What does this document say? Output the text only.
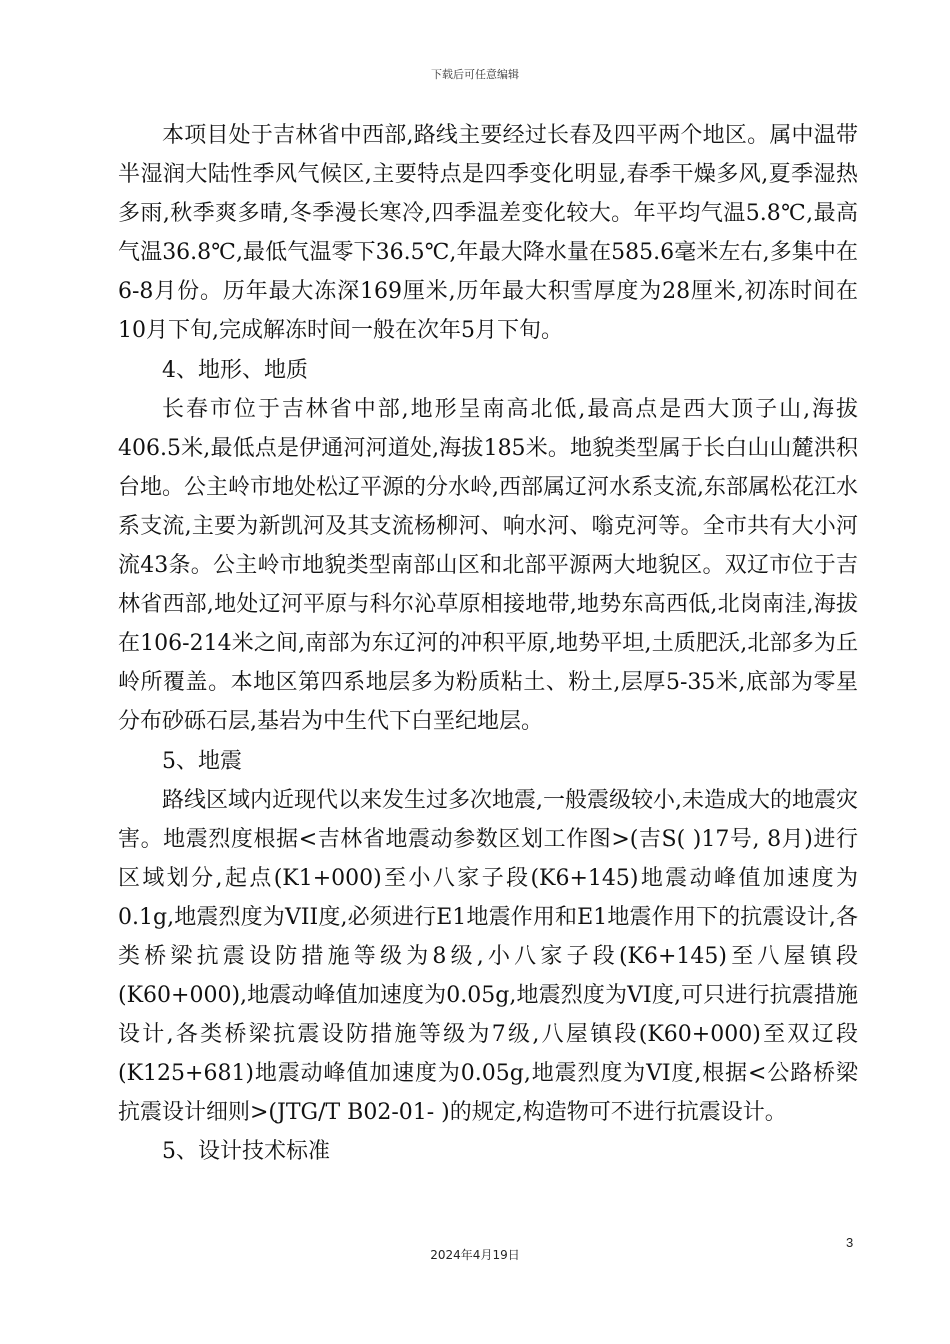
下载后可任意编辑

本项目处于吉林省中西部,路线主要经过长春及四平两个地区。属中温带半湿润大陆性季风气候区,主要特点是四季变化明显,春季干燥多风,夏季湿热多雨,秋季爽多晴,冬季漫长寒冷,四季温差变化较大。年平均气温5.8℃,最高气温36.8℃,最低气温零下36.5℃,年最大降水量在585.6毫米左右,多集中在6-8月份。历年最大冻深169厘米,历年最大积雪厚度为28厘米,初冻时间在10月下旬,完成解冻时间一般在次年5月下旬。

4、地形、地质

长春市位于吉林省中部,地形呈南高北低,最高点是西大顶子山,海拔406.5米,最低点是伊通河河道处,海拔185米。地貌类型属于长白山山麓洪积台地。公主岭市地处松辽平源的分水岭,西部属辽河水系支流,东部属松花江水系支流,主要为新凯河及其支流杨柳河、响水河、嗡克河等。全市共有大小河流43条。公主岭市地貌类型南部山区和北部平源两大地貌区。双辽市位于吉林省西部,地处辽河平原与科尔沁草原相接地带,地势东高西低,北岗南洼,海拔在106-214米之间,南部为东辽河的冲积平原,地势平坦,土质肥沃,北部多为丘岭所覆盖。本地区第四系地层多为粉质粘土、粉土,层厚5-35米,底部为零星分布砂砾石层,基岩为中生代下白垩纪地层。

5、地震

路线区域内近现代以来发生过多次地震,一般震级较小,未造成大的地震灾害。地震烈度根据<吉林省地震动参数区划工作图>(吉S( )17号, 8月)进行区域划分,起点(K1+000)至小八家子段(K6+145)地震动峰值加速度为0.1g,地震烈度为VII度,必须进行E1地震作用和E1地震作用下的抗震设计,各类桥梁抗震设防措施等级为8级,小八家子段(K6+145)至八屋镇段(K60+000),地震动峰值加速度为0.05g,地震烈度为VI度,可只进行抗震措施设计,各类桥梁抗震设防措施等级为7级,八屋镇段(K60+000)至双辽段(K125+681)地震动峰值加速度为0.05g,地震烈度为VI度,根据<公路桥梁抗震设计细则>(JTG/T B02-01- )的规定,构造物可不进行抗震设计。

5、设计技术标准

3
2024年4月19日
